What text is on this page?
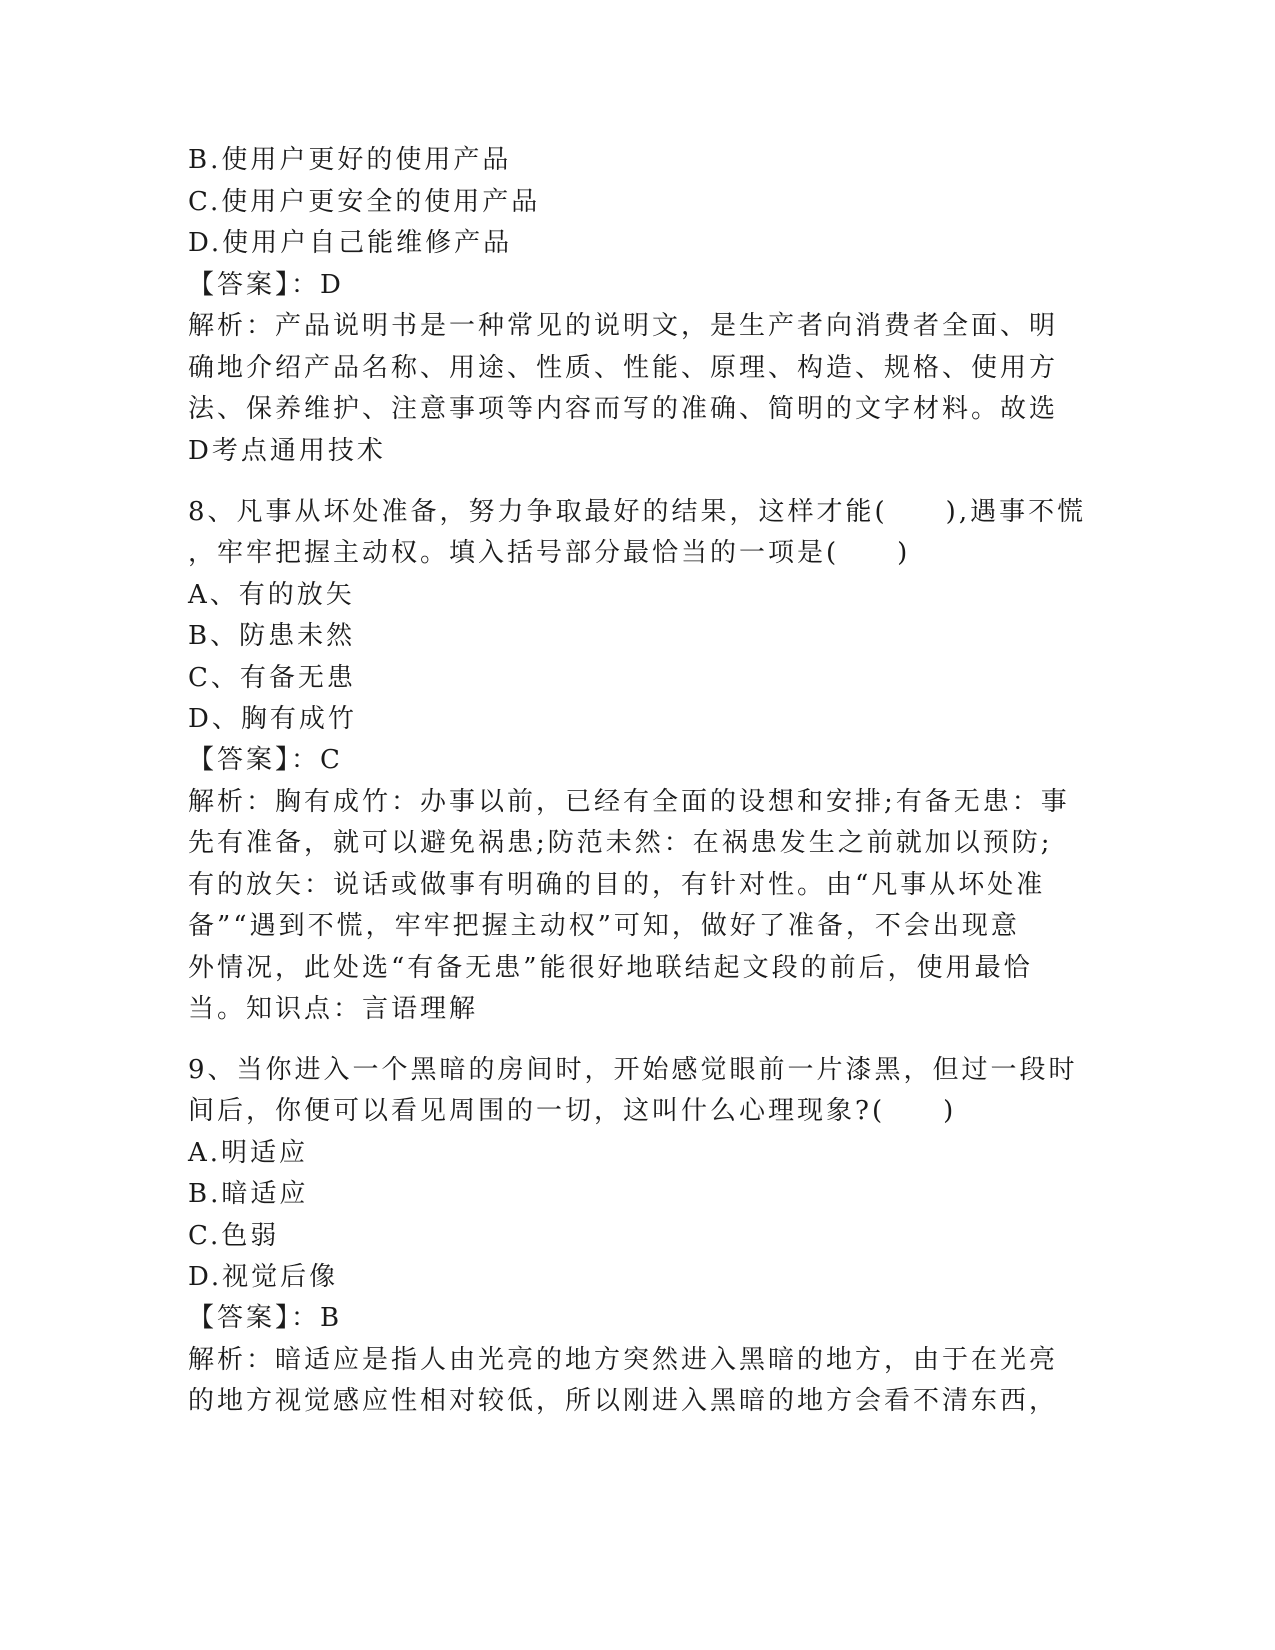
B.使用户更好的使用产品
C.使用户更安全的使用产品
D.使用户自己能维修产品
【答案】：D
解析：产品说明书是一种常见的说明文，是生产者向消费者全面、明
确地介绍产品名称、用途、性质、性能、原理、构造、规格、使用方
法、保养维护、注意事项等内容而写的准确、简明的文字材料。故选
D考点通用技术
8、凡事从坏处准备，努力争取最好的结果，这样才能(　　),遇事不慌
，牢牢把握主动权。填入括号部分最恰当的一项是(　　)
A、有的放矢
B、防患未然
C、有备无患
D、胸有成竹
【答案】：C
解析：胸有成竹：办事以前，已经有全面的设想和安排;有备无患：事
先有准备，就可以避免祸患;防范未然：在祸患发生之前就加以预防;
有的放矢：说话或做事有明确的目的，有针对性。由“凡事从坏处准
备”“遇到不慌，牢牢把握主动权”可知，做好了准备，不会出现意
外情况，此处选“有备无患”能很好地联结起文段的前后，使用最恰
当。知识点：言语理解
9、当你进入一个黑暗的房间时，开始感觉眼前一片漆黑，但过一段时
间后，你便可以看见周围的一切，这叫什么心理现象?(　　)
A.明适应
B.暗适应
C.色弱
D.视觉后像
【答案】：B
解析：暗适应是指人由光亮的地方突然进入黑暗的地方，由于在光亮
的地方视觉感应性相对较低，所以刚进入黑暗的地方会看不清东西，
